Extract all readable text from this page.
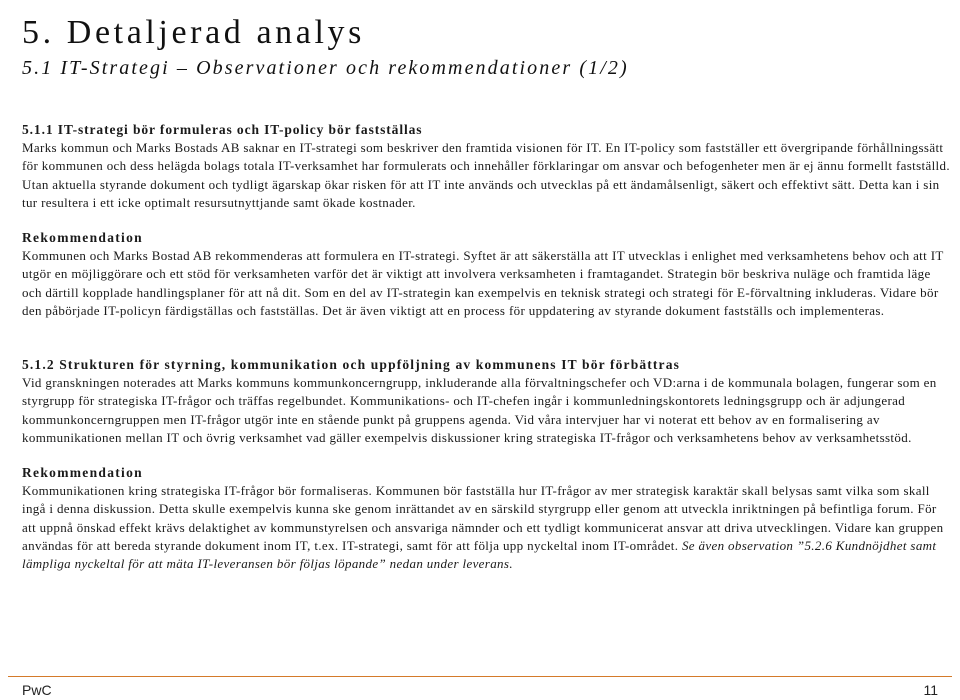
5. Detaljerad analys
5.1 IT-Strategi – Observationer och rekommendationer (1/2)

5.1.1 IT-strategi bör formuleras och IT-policy bör fastställas

Marks kommun och Marks Bostads AB saknar en IT-strategi som beskriver den framtida visionen för IT. En IT-policy som fastställer ett övergripande förhållningssätt för kommunen och dess helägda bolags totala IT-verksamhet har formulerats och innehåller förklaringar om ansvar och befogenheter men är ej ännu formellt fastställd. Utan aktuella styrande dokument och tydligt ägarskap ökar risken för att IT inte används och utvecklas på ett ändamålsenligt, säkert och effektivt sätt. Detta kan i sin tur resultera i ett icke optimalt resursutnyttjande samt ökade kostnader.

Rekommendation

Kommunen och Marks Bostad AB rekommenderas att formulera en IT-strategi. Syftet är att säkerställa att IT utvecklas i enlighet med verksamhetens behov och att IT utgör en möjliggörare och ett stöd för verksamheten varför det är viktigt att involvera verksamheten i framtagandet. Strategin bör beskriva nuläge och framtida läge och därtill kopplade handlingsplaner för att nå dit. Som en del av IT-strategin kan exempelvis en teknisk strategi och strategi för E-förvaltning inkluderas. Vidare bör den påbörjade IT-policyn färdigställas och fastställas. Det är även viktigt att en process för uppdatering av styrande dokument fastställs och implementeras.

5.1.2 Strukturen för styrning, kommunikation och uppföljning av kommunens IT bör förbättras

Vid granskningen noterades att Marks kommuns kommunkoncerngrupp, inkluderande alla förvaltningschefer och VD:arna i de kommunala bolagen, fungerar som en styrgrupp för strategiska IT-frågor och träffas regelbundet. Kommunikations- och IT-chefen ingår i kommunledningskontorets ledningsgrupp och är adjungerad kommunkoncerngruppen men IT-frågor utgör inte en stående punkt på gruppens agenda. Vid våra intervjuer har vi noterat ett behov av en formalisering av kommunikationen mellan IT och övrig verksamhet vad gäller exempelvis diskussioner kring strategiska IT-frågor och verksamhetens behov av verksamhetsstöd.

Rekommendation

Kommunikationen kring strategiska IT-frågor bör formaliseras. Kommunen bör fastställa hur IT-frågor av mer strategisk karaktär skall belysas samt vilka som skall ingå i denna diskussion. Detta skulle exempelvis kunna ske genom inrättandet av en särskild styrgrupp eller genom att utveckla inriktningen på befintliga forum. För att uppnå önskad effekt krävs delaktighet av kommunstyrelsen och ansvariga nämnder och ett tydligt kommunicerat ansvar att driva utvecklingen. Vidare kan gruppen användas för att bereda styrande dokument inom IT, t.ex. IT-strategi, samt för att följa upp nyckeltal inom IT-området. Se även observation ”5.2.6 Kundnöjdhet samt lämpliga nyckeltal för att mäta IT-leveransen bör följas löpande” nedan under leverans.

PwC	11
